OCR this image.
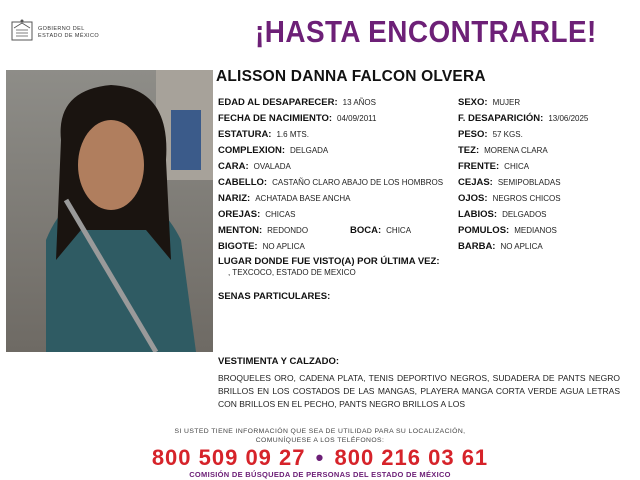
GOBIERNO DEL
ESTADO DE MÉXICO	¡HASTA ENCONTRARLE!
ALISSON DANNA FALCON OLVERA
EDAD AL DESAPARECER: 13 AÑOS
FECHA DE NACIMIENTO: 04/09/2011
ESTATURA: 1.6 MTS.
COMPLEXION: DELGADA
CARA: OVALADA
CABELLO: CASTAÑO CLARO ABAJO DE LOS HOMBROS
NARIZ: ACHATADA BASE ANCHA
OREJAS: CHICAS
MENTON: REDONDO	BOCA: CHICA
BIGOTE: NO APLICA
SEXO: MUJER
F. DESAPARICIÓN: 13/06/2025
PESO: 57 KGS.
TEZ: MORENA CLARA
FRENTE: CHICA
CEJAS: SEMIPOBLADAS
OJOS: NEGROS CHICOS
LABIOS: DELGADOS
POMULOS: MEDIANOS
BARBA: NO APLICA
LUGAR DONDE FUE VISTO(A) POR ÚLTIMA VEZ:
, TEXCOCO, ESTADO DE MEXICO
SENAS PARTICULARES:
VESTIMENTA Y CALZADO:
BROQUELES ORO, CADENA PLATA, TENIS DEPORTIVO NEGROS, SUDADERA DE PANTS NEGRO BRILLOS EN LOS COSTADOS DE LAS MANGAS, PLAYERA MANGA CORTA VERDE AGUA LETRAS CON BRILLOS EN EL PECHO, PANTS NEGRO BRILLOS A LOS
SI USTED TIENE INFORMACIÓN QUE SEA DE UTILIDAD PARA SU LOCALIZACIÓN,
COMUNÍQUESE A LOS TELÉFONOS:
800 509 09 27 • 800 216 03 61
COMISIÓN DE BÚSQUEDA DE PERSONAS DEL ESTADO DE MÉXICO
